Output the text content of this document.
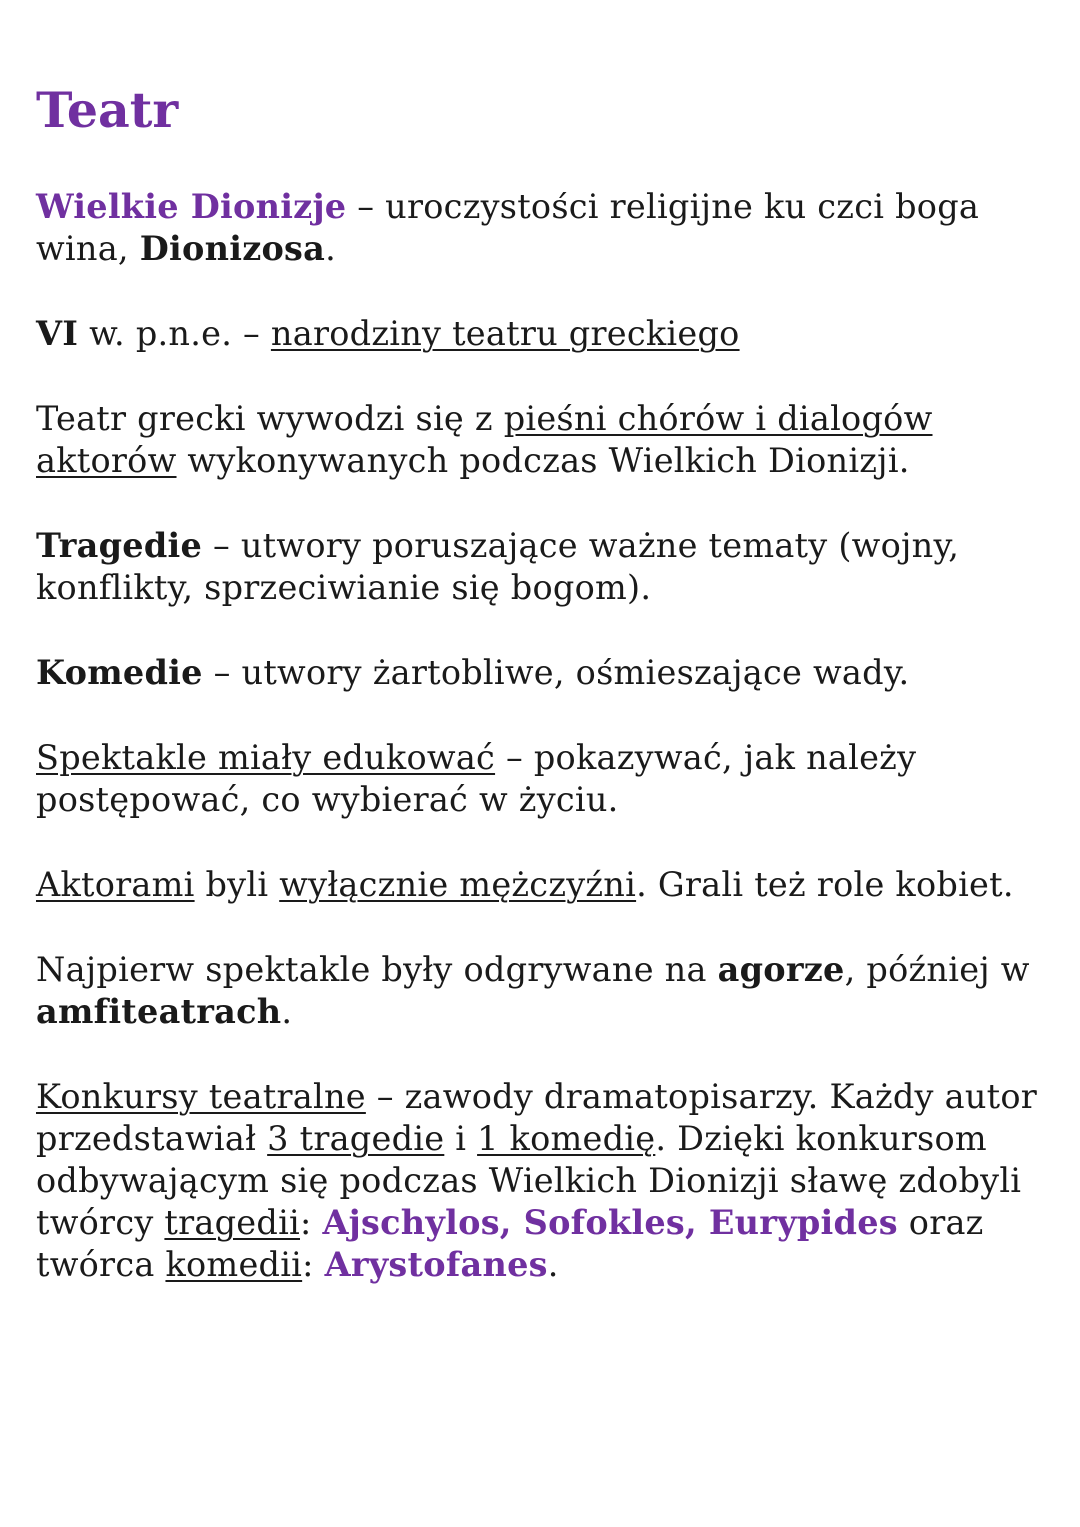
Teatr

Wielkie Dionizje – uroczystości religijne ku czci boga wina, Dionizosa.

VI w. p.n.e. – narodziny teatru greckiego

Teatr grecki wywodzi się z pieśni chórów i dialogów aktorów wykonywanych podczas Wielkich Dionizji.

Tragedie – utwory poruszające ważne tematy (wojny, konflikty, sprzeciwianie się bogom).

Komedie – utwory żartobliwe, ośmieszające wady.

Spektakle miały edukować – pokazywać, jak należy postępować, co wybierać w życiu.

Aktorami byli wyłącznie mężczyźni. Grali też role kobiet.

Najpierw spektakle były odgrywane na agorze, później w amfiteatrach.

Konkursy teatralne – zawody dramatopisarzy. Każdy autor przedstawiał 3 tragedie i 1 komedię. Dzięki konkursom odbywającym się podczas Wielkich Dionizji sławę zdobyli twórcy tragedii: Ajschylos, Sofokles, Eurypides oraz twórca komedii: Arystofanes.
